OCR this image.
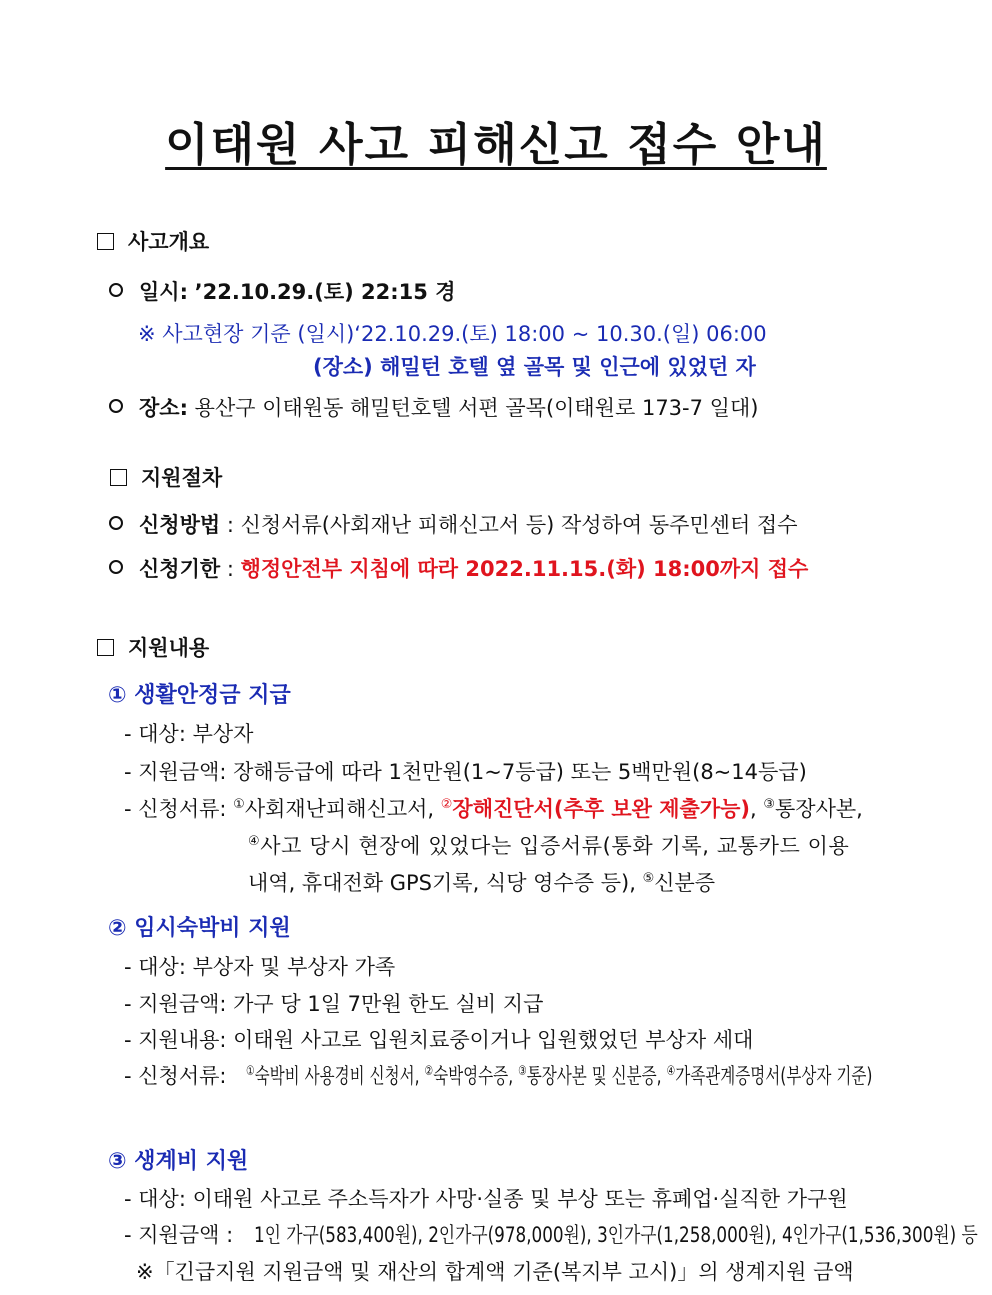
이태원 사고 피해신고 접수 안내
사고개요
일시: ’22.10.29.(토) 22:15 경
※ 사고현장 기준 (일시)‘22.10.29.(토) 18:00 ~ 10.30.(일) 06:00
(장소) 해밀턴 호텔 옆 골목 및 인근에 있었던 자
장소: 용산구 이태원동 해밀턴호텔 서편 골목(이태원로 173-7 일대)
지원절차
신청방법 : 신청서류(사회재난 피해신고서 등) 작성하여 동주민센터 접수
신청기한 : 행정안전부 지침에 따라 2022.11.15.(화) 18:00까지 접수
지원내용
① 생활안정금 지급
- 대상: 부상자
- 지원금액: 장해등급에 따라 1천만원(1~7등급) 또는 5백만원(8~14등급)
- 신청서류: ①사회재난피해신고서, ②장해진단서(추후 보완 제출가능), ③통장사본,
④사고 당시 현장에 있었다는 입증서류(통화 기록, 교통카드 이용
내역, 휴대전화 GPS기록, 식당 영수증 등), ⑤신분증
② 임시숙박비 지원
- 대상: 부상자 및 부상자 가족
- 지원금액: 가구 당 1일 7만원 한도 실비 지급
- 지원내용: 이태원 사고로 입원치료중이거나 입원했었던 부상자 세대
- 신청서류: ①숙박비 사용경비 신청서, ②숙박영수증, ③통장사본 및 신분증, ④가족관계증명서(부상자 기준)
③ 생계비 지원
- 대상: 이태원 사고로 주소득자가 사망·실종 및 부상 또는 휴폐업·실직한 가구원
- 지원금액 : 1인 가구(583,400원), 2인가구(978,000원), 3인가구(1,258,000원), 4인가구(1,536,300원) 등
※「긴급지원 지원금액 및 재산의 합계액 기준(복지부 고시)」의 생계지원 금액
